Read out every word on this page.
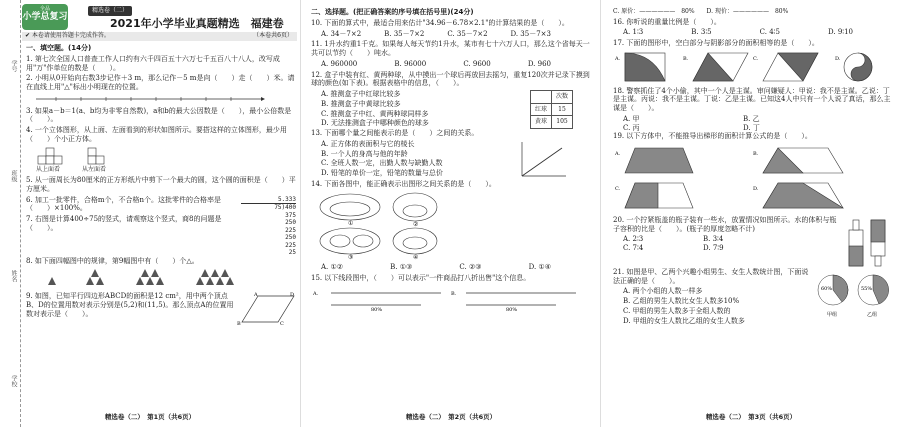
学号
班级
姓名
学校
全品
小学总复习
精选卷（二）
2021年小学毕业真题精选　福建卷
✔ 本卷请使用答题卡完成作答。	（本卷共6页）
一、填空题。(14分)
1. 第七次全国人口普查工作人口约有六千四百五十六万七千五百八十八人，改写成用"万"作单位的数是（　　）。
2. 小明从0开始向右数3步记作＋3 m，那么记作－5 m是向（　　）走（　　）米。请在直线上用"△"标出小明现在的位置。
3. 如果a－b＝1(a、b均为非零自然数)，a和b的最大公因数是（　　），最小公倍数是（　　）。
4. 一个立体图形，从上面、左面看到的形状如图所示。要搭这样的立体图形，最少用（　　）个小正方体。
从上面看	从左面看
5. 从一面周长为80厘米的正方形纸片中剪下一个最大的圆，这个圆的面积是（　　）平方厘米。
6. 加工一批零件，合格m个，不合格n个。这批零件的合格率是（　　）×100%。
7. 右图是计算400÷75的竖式，请观察这个竖式，商8的问题是（　　）。
5.333
75)400
375
250
225
250
225
25
8. 如下面四幅图中的规律，第9幅图中有（　　）个△。
9. 如图，已知平行四边形ABCD的面积是12 cm²，用中两个顶点B、D的位置用数对表示分别是(5,2)和(11,5)。那么顶点A的位置用数对表示是（　　）。
B	C
A	D
精选卷（二）　第1页（共6页）
二、选择题。(把正确答案的序号填在括号里)(24分)
10. 下面的算式中，最适合用来估计"34.96－6.78×2.1"的计算结果的是（　　）。
A. 34－7×2	B. 35－7×2	C. 35－7×2	D. 35－7×3
11. 1升水约重1千克。如果每人每天节约1升水，某市有七十六万人口，那么这个省每天一共可以节约（　　）吨水。
A. 960000	B. 96000	C. 9600	D. 960
12. 盒子中装有红、黄两种球，从中摸出一个球后再放回去摇匀，重复120次并记录下摸到球的颜色(如下表)。根据表格中的信息，（　　）。
A. 推测盒子中红球比较多
B. 推测盒子中黄球比较多
C. 推测盒子中红、黄两种球同样多
D. 无法推测盒子中哪种颜色的球多
	次数
红球	15
黄球	105
13. 下面哪个量之间能表示的是（　　）之间的关系。
A. 正方体的表面积与它的棱长
B. 一个人的身高与他的年龄
C. 全班人数一定，出勤人数与缺勤人数
D. 铅笔的单价一定，铅笔的数量与总价
14. 下面各图中，能正确表示出图形之间关系的是（　　）。
①	②
③	④
A. ①②	B. ①③	C. ②③	D. ①④
15. 以下线段图中，（　　）可以表示"一件商品打八折出售"这个信息。
A.	B.
80%	80%
精选卷（二）　第2页（共6页）
C. 原价：——————　80%　　D. 现价：——————　80%
16. 你听说的重量比例是（　　）。
A. 1∶3	B. 3∶5	C. 4∶5	D. 9∶10
17. 下面的图形中，空白部分与阴影部分的面积相等的是（　　）。
A.	B.	C.	D.
18. 警察抓住了4个小偷，其中一个人是主谋。审问嫌疑人：甲说：我不是主谋。乙说：丁是主谋。丙说：我不是主谋。丁说：乙是主谋。已知这4人中只有一个人说了真话，那么主谋是（　　）。
A. 甲	B. 乙
C. 丙	D. 丁
19. 以下方体中，不能推导出梯形的面积计算公式的是（　　）。
A.	B.
C.	D.
20. 一个拧紧瓶盖的瓶子装有一些水，放置情况如图所示。水的体积与瓶子容积的比是（　　）。(瓶子的厚度忽略不计)
A. 2∶3	B. 3∶4
C. 7∶4	D. 7∶9
21. 如图是甲、乙两个兴趣小组男生、女生人数统计图，下面说法正确的是（　　）。
A. 两个小组的人数一样多
B. 乙组的男生人数比女生人数多10%
C. 甲组的男生人数多于全组人数的
D. 甲组的女生人数比乙组的女生人数多
60%	55%
甲组	乙组
精选卷（二）　第3页（共6页）
